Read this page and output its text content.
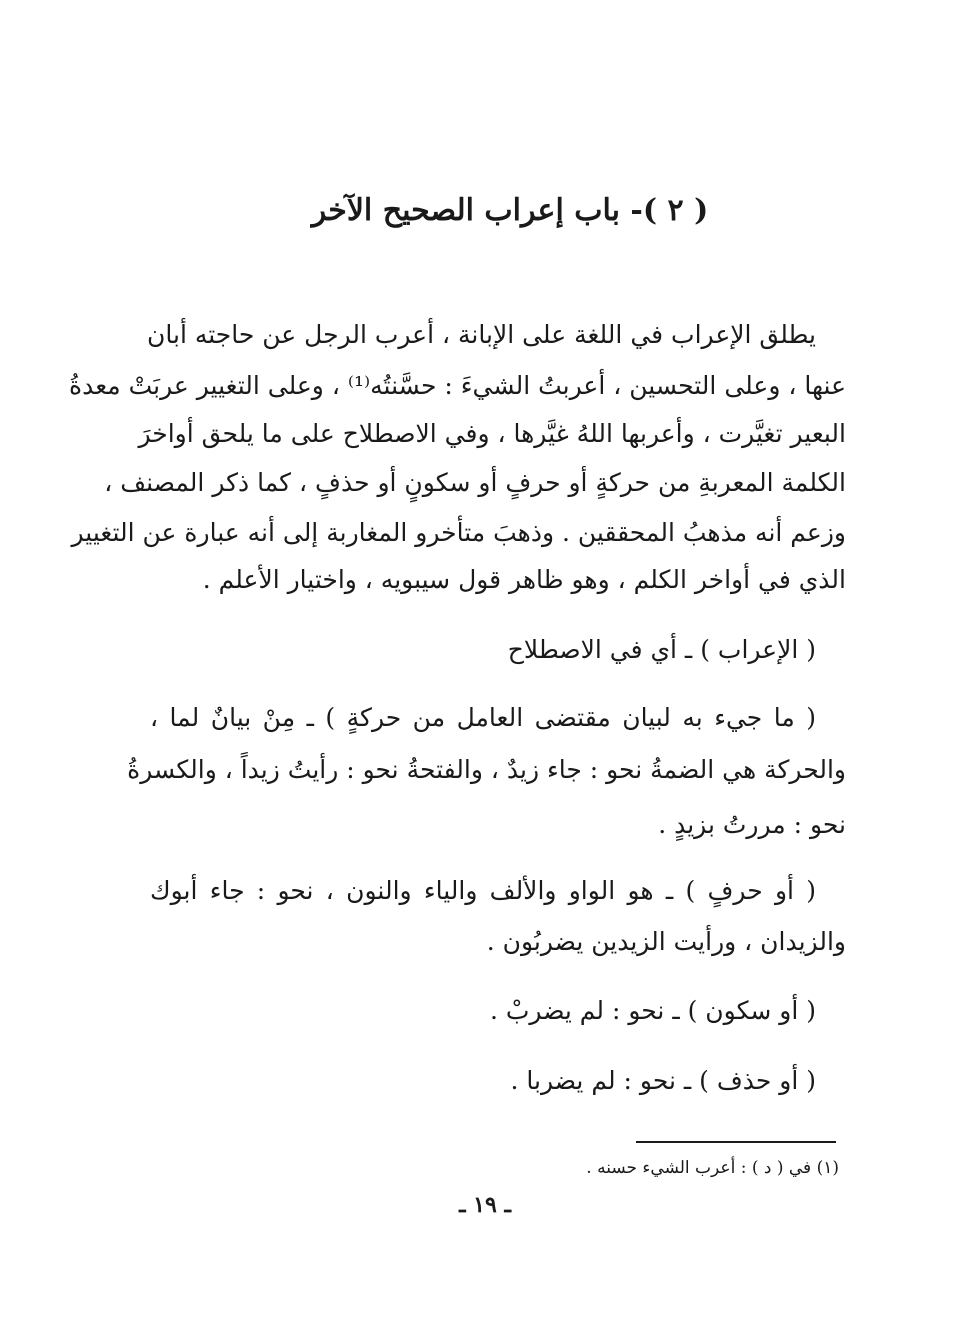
( ٢ )- باب إعراب الصحيح الآخر
يطلق الإعراب في اللغة على الإبانة ، أعرب الرجل عن حاجته أبان
عنها ، وعلى التحسين ، أعربتُ الشيءَ : حسَّنتُه⁽¹⁾ ، وعلى التغيير عربَتْ معدةُ
البعير تغيَّرت ، وأعربها اللهُ غيَّرها ، وفي الاصطلاح على ما يلحق أواخرَ
الكلمة المعربةِ من حركةٍ أو حرفٍ أو سكونٍ أو حذفٍ ، كما ذكر المصنف ،
وزعم أنه مذهبُ المحققين . وذهبَ متأخرو المغاربة إلى أنه عبارة عن التغيير
الذي في أواخر الكلم ، وهو ظاهر قول سيبويه ، واختيار الأعلم .
( الإعراب ) ـ أي في الاصطلاح
( ما جيء به لبيان مقتضى العامل من حركةٍ ) ـ مِنْ بيانٌ لما ،
والحركة هي الضمةُ نحو : جاء زيدٌ ، والفتحةُ نحو : رأيتُ زيداً ، والكسرةُ
نحو : مررتُ بزيدٍ .
( أو حرفٍ ) ـ هو الواو والألف والياء والنون ، نحو : جاء أبوك
والزيدان ، ورأيت الزيدين يضربُون .
( أو سكون ) ـ نحو : لم يضربْ .
( أو حذف ) ـ نحو : لم يضربا .
(١) في ( د ) : أعرب الشيء حسنه .
ـ ١٩ ـ
